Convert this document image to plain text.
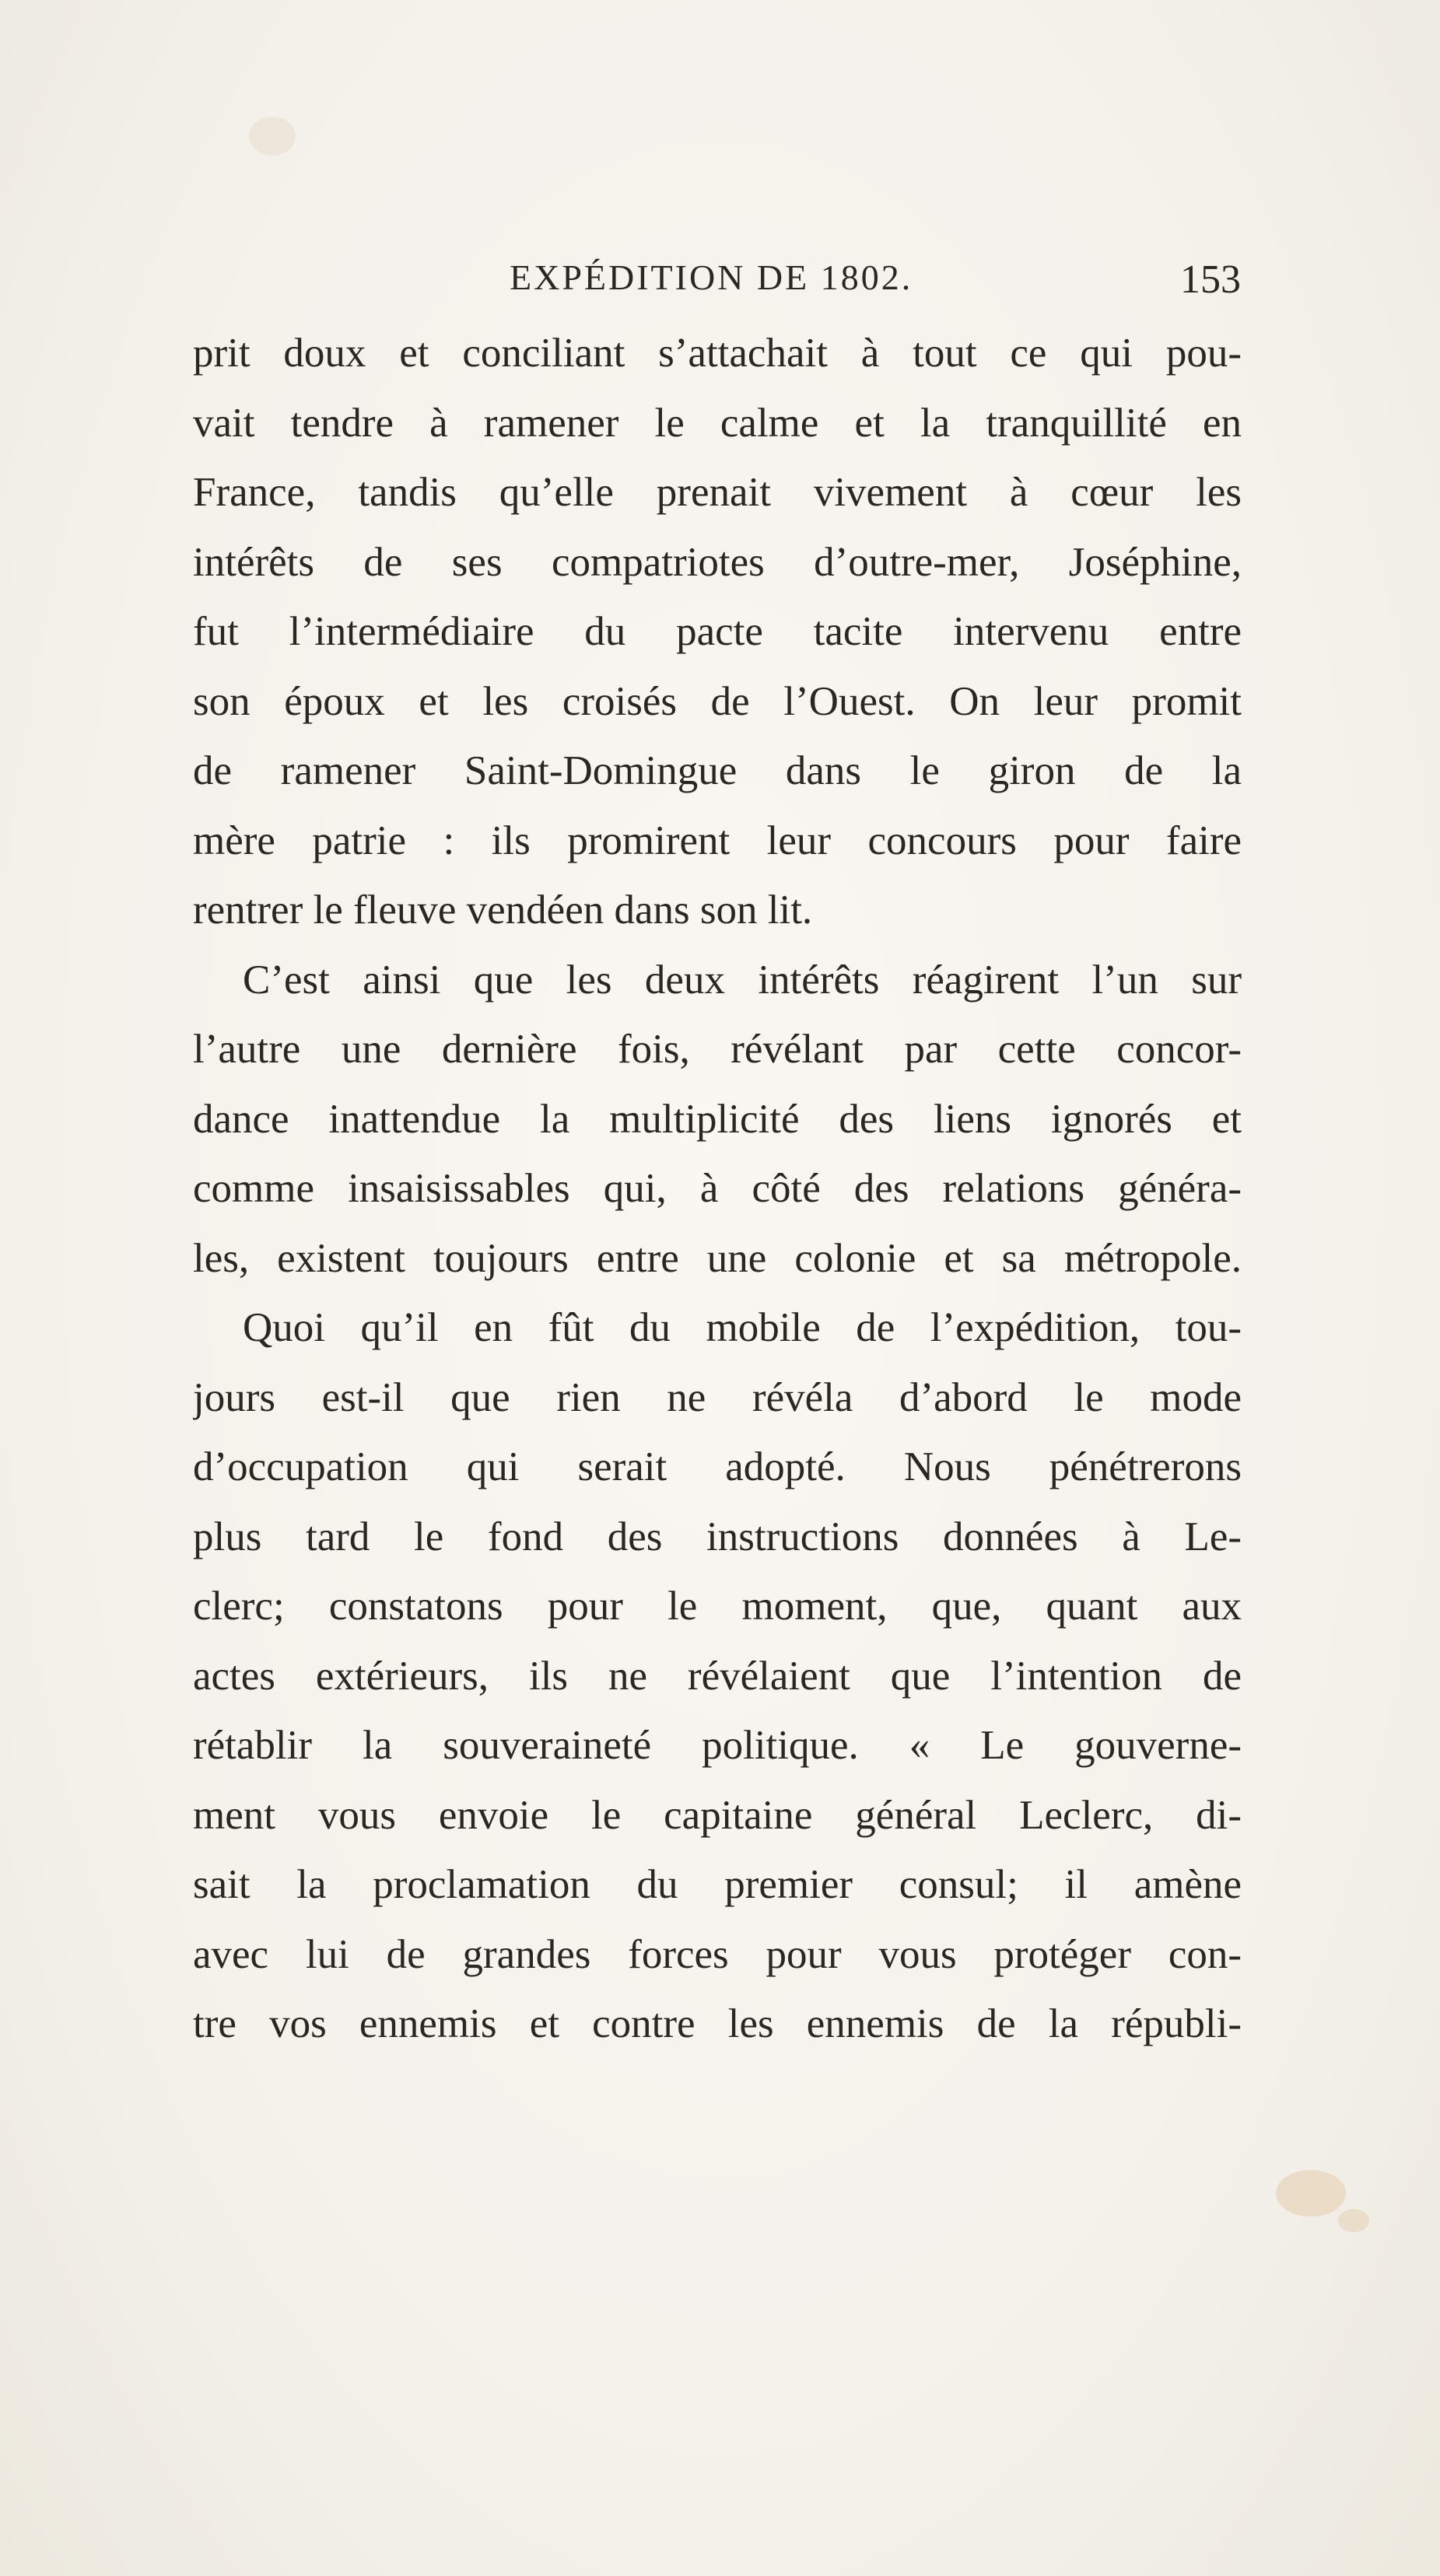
EXPÉDITION DE 1802.	153
prit doux et conciliant s’attachait à tout ce qui pou-
vait tendre à ramener le calme et la tranquillité en
France, tandis qu’elle prenait vivement à cœur les
intérêts de ses compatriotes d’outre-mer, Joséphine,
fut l’intermédiaire du pacte tacite intervenu entre
son époux et les croisés de l’Ouest. On leur promit
de ramener Saint-Domingue dans le giron de la
mère patrie : ils promirent leur concours pour faire
rentrer le fleuve vendéen dans son lit.
C’est ainsi que les deux intérêts réagirent l’un sur
l’autre une dernière fois, révélant par cette concor-
dance inattendue la multiplicité des liens ignorés et
comme insaisissables qui, à côté des relations généra-
les, existent toujours entre une colonie et sa métropole.
Quoi qu’il en fût du mobile de l’expédition, tou-
jours est-il que rien ne révéla d’abord le mode
d’occupation qui serait adopté. Nous pénétrerons
plus tard le fond des instructions données à Le-
clerc; constatons pour le moment, que, quant aux
actes extérieurs, ils ne révélaient que l’intention de
rétablir la souveraineté politique. « Le gouverne-
ment vous envoie le capitaine général Leclerc, di-
sait la proclamation du premier consul; il amène
avec lui de grandes forces pour vous protéger con-
tre vos ennemis et contre les ennemis de la républi-
